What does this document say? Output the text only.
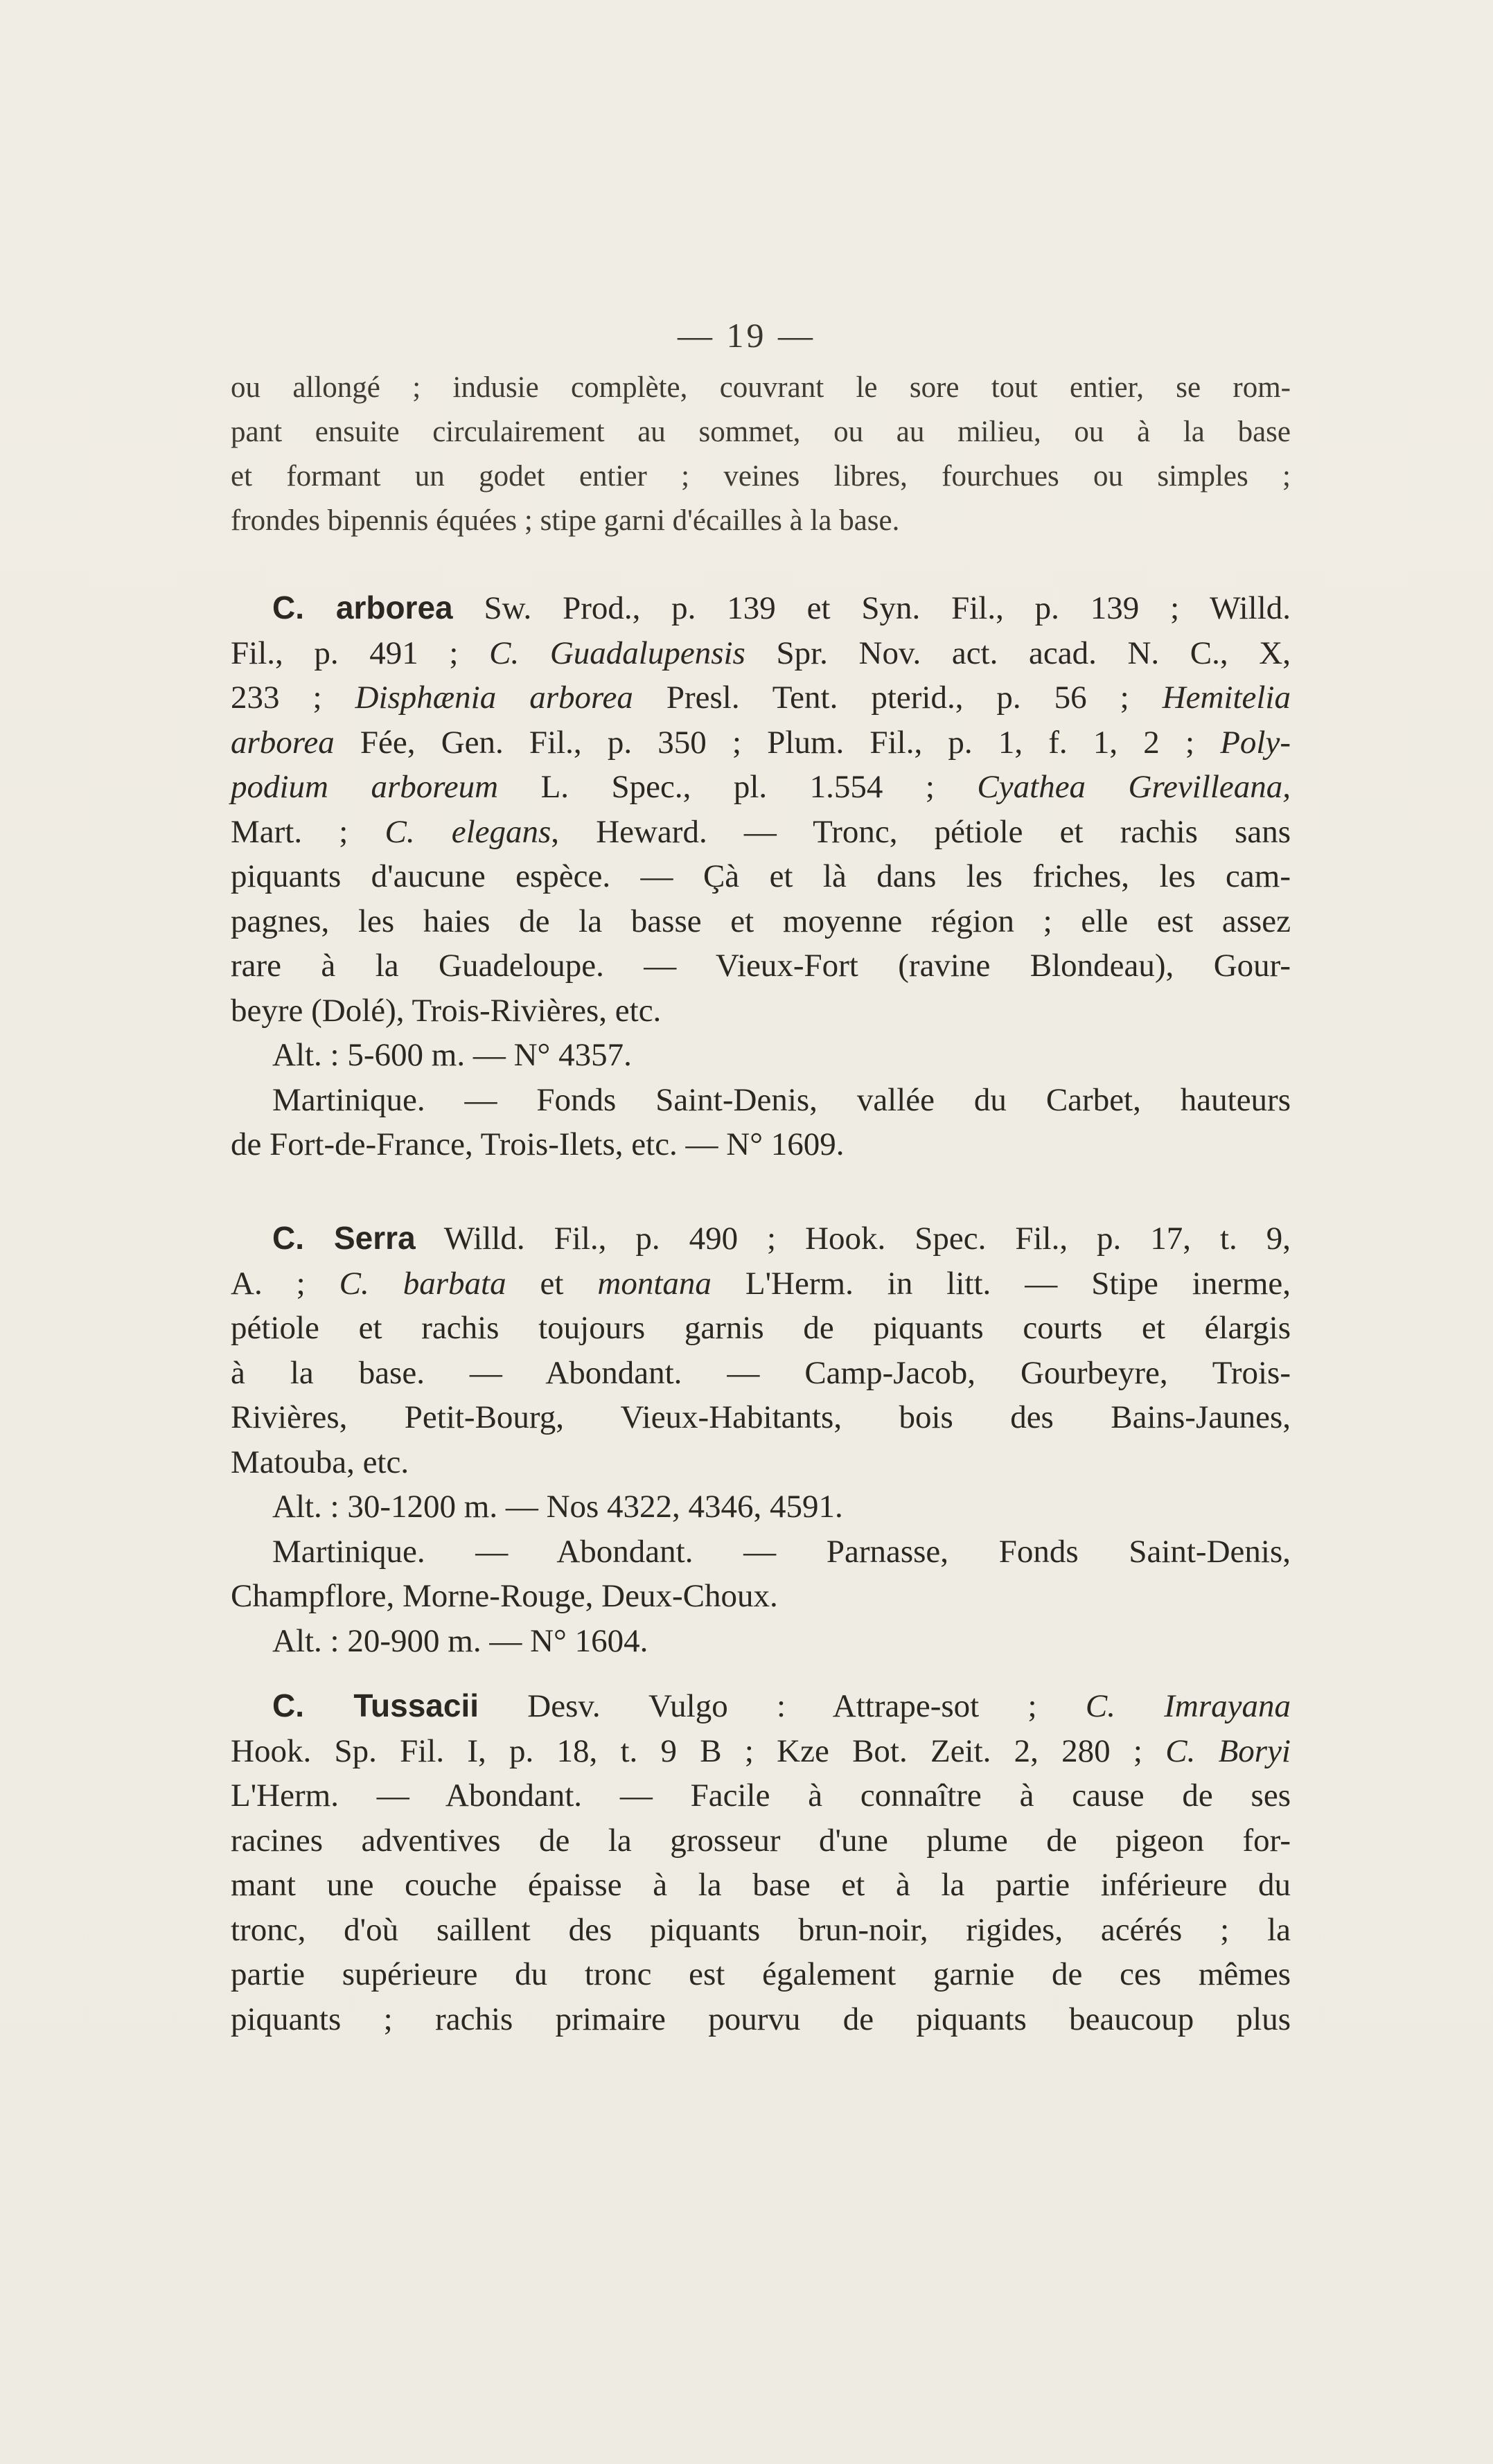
— 19 —
ou allongé ; indusie complète, couvrant le sore tout entier, se rom-
pant ensuite circulairement au sommet, ou au milieu, ou à la base
et formant un godet entier ; veines libres, fourchues ou simples ;
frondes bipennis équées ; stipe garni d'écailles à la base.
C. arborea Sw. Prod., p. 139 et Syn. Fil., p. 139 ; Willd.
Fil., p. 491 ; C. Guadalupensis Spr. Nov. act. acad. N. C., X,
233 ; Disphænia arborea Presl. Tent. pterid., p. 56 ; Hemitelia
arborea Fée, Gen. Fil., p. 350 ; Plum. Fil., p. 1, f. 1, 2 ; Poly-
podium arboreum L. Spec., pl. 1.554 ; Cyathea Grevilleana,
Mart. ; C. elegans, Heward. — Tronc, pétiole et rachis sans
piquants d'aucune espèce. — Çà et là dans les friches, les cam-
pagnes, les haies de la basse et moyenne région ; elle est assez
rare à la Guadeloupe. — Vieux-Fort (ravine Blondeau), Gour-
beyre (Dolé), Trois-Rivières, etc.
Alt. : 5-600 m. — N° 4357.
Martinique. — Fonds Saint-Denis, vallée du Carbet, hauteurs
de Fort-de-France, Trois-Ilets, etc. — N° 1609.
C. Serra Willd. Fil., p. 490 ; Hook. Spec. Fil., p. 17, t. 9,
A. ; C. barbata et montana L'Herm. in litt. — Stipe inerme,
pétiole et rachis toujours garnis de piquants courts et élargis
à la base. — Abondant. — Camp-Jacob, Gourbeyre, Trois-
Rivières, Petit-Bourg, Vieux-Habitants, bois des Bains-Jaunes,
Matouba, etc.
Alt. : 30-1200 m. — Nos 4322, 4346, 4591.
Martinique. — Abondant. — Parnasse, Fonds Saint-Denis,
Champflore, Morne-Rouge, Deux-Choux.
Alt. : 20-900 m. — N° 1604.
C. Tussacii Desv. Vulgo : Attrape-sot ; C. Imrayana
Hook. Sp. Fil. I, p. 18, t. 9 B ; Kze Bot. Zeit. 2, 280 ; C. Boryi
L'Herm. — Abondant. — Facile à connaître à cause de ses
racines adventives de la grosseur d'une plume de pigeon for-
mant une couche épaisse à la base et à la partie inférieure du
tronc, d'où saillent des piquants brun-noir, rigides, acérés ; la
partie supérieure du tronc est également garnie de ces mêmes
piquants ; rachis primaire pourvu de piquants beaucoup plus
